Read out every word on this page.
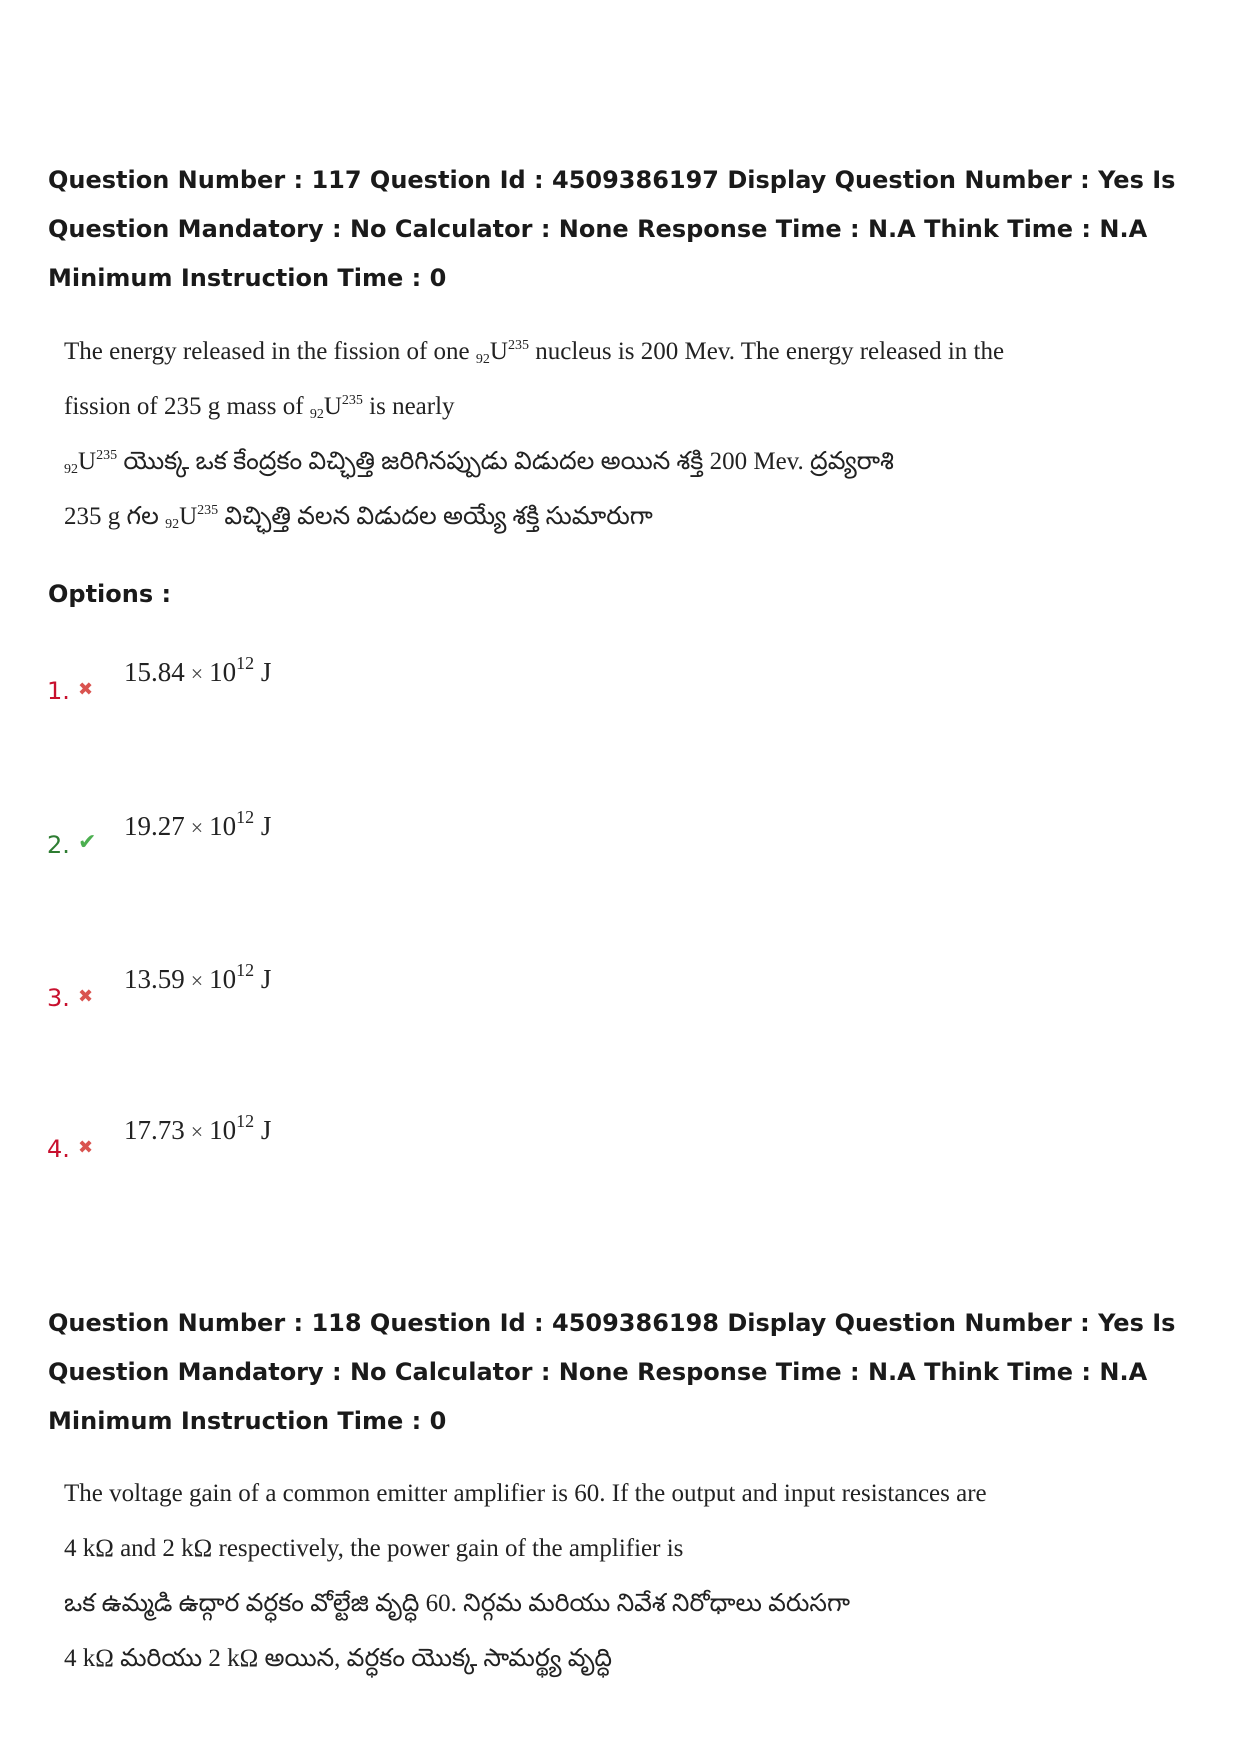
Question Number : 117 Question Id : 4509386197 Display Question Number : Yes Is Question Mandatory : No Calculator : None Response Time : N.A Think Time : N.A Minimum Instruction Time : 0
The energy released in the fission of one $_{92}U^{235}$ nucleus is 200 Mev. The energy released in the
fission of 235 g mass of $_{92}U^{235}$ is nearly
$_{92}U^{235}$ యొక్క ఒక కేంద్రకం విచ్ఛిత్తి జరిగినప్పుడు విడుదల అయిన శక్తి 200 Mev. ద్రవ్యరాశి
235 g గల $_{92}U^{235}$ విచ్ఛిత్తి వలన విడుదల అయ్యే శక్తి సుమారుగా
Options :
1. ✖
$15.84 \times 10^{12}$ J
2. ✔
$19.27 \times 10^{12}$ J
3. ✖
$13.59 \times 10^{12}$ J
4. ✖
$17.73 \times 10^{12}$ J
Question Number : 118 Question Id : 4509386198 Display Question Number : Yes Is Question Mandatory : No Calculator : None Response Time : N.A Think Time : N.A Minimum Instruction Time : 0
The voltage gain of a common emitter amplifier is 60. If the output and input resistances are
4 kΩ and 2 kΩ respectively, the power gain of the amplifier is
ఒక ఉమ్మడి ఉద్గార వర్ధకం వోల్టేజి వృద్ధి 60. నిర్గమ మరియు నివేశ నిరోధాలు వరుసగా
4 kΩ మరియు 2 kΩ అయిన, వర్ధకం యొక్క సామర్థ్య వృద్ధి
